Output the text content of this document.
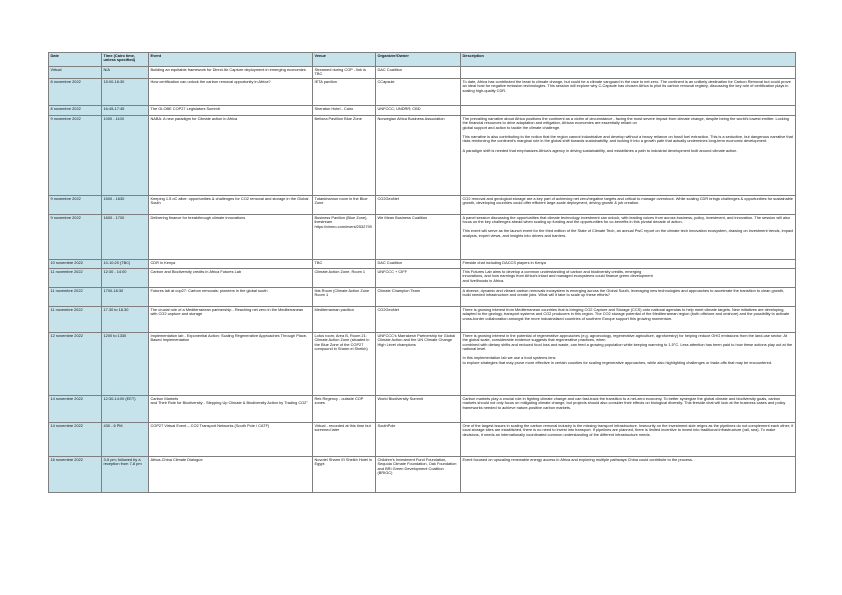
Date	Time (Cairo time, unless specified)	Event	Venue	Organizer/Owner	Description
Virtual	N/A	Building an equitable framework for Direct Air Capture deployment in emerging economies	Streamed during COP - link is TBC	DAC Coalition	
8 novembre 2022	15:00-16:30	How certification can unlock the carbon removal opportunity in Africa?	IETA pavilion	CCapsule	To date, Africa has contributed the least to climate change, but could be a climate vanguard in the race to net zero. The continent is an unlikely destination for Carbon Removal but could prove an ideal host for negative emission technologies. This session will explore why C-Capsule has chosen Africa to pilot its carbon removal registry, discussing the key role of certification plays in scaling high-quality CDR.
8 novembre 2022	16:45-17:45	The GLOBE COP27 Legislators Summit	Sheraton Hotel - Cairo	UNFCCC; UNDRR; CBD	
9 novembre 2022	1000 - 1100	NABA: A new paradigm for Climate action in Africa	Bellona Pavillion Blue Zone	Norwegian Africa Business Association	The prevailing narrative about Africa positions the continent as a victim of circumstance - facing the most severe impact from climate change, despite being the world's lowest emitter. Locking the financial resources to drive adaptation and mitigation, African economies are essentially reliant on
global support and action to tackle the climate challenge.

This narrative is also contributing to the notion that the region cannot industrialize and develop without a heavy reliance on fossil fuel extraction. This is a seductive, but dangerous narrative that risks reinforcing the continent's marginal role in the global shift towards sustainability, and locking it into a growth path that actually undermines long-term economic development.

A paradigm shift is needed that emphasizes Africa's agency in driving sustainability, and establishes a path to industrial development built around climate action.
9 novembre 2022	1500 - 1630	Keeping 1.5 oC alive: opportunities & challenges for CO2 removal and storage in the Global South	Tutankhamun room in the Blue Zone	CO2GeoNet	CO2 removal and geological storage are a key part of achieving net zero/negative targets and critical to manage overshoot. While scaling CDR brings challenges & opportunities for sustainable growth, developing countries could offer efficient large-scale deployment, driving growth & job creation.
9 novembre 2022	1600 - 1700	Delivering finance for breakthrough climate innovations	Business Pavilion (Blue Zone), livestream https://vimeo.com/event/2532799	We Mean Business Coalition	A panel session discussing the opportunities that climate technology investment can unlock, with leading voices from across business, policy, investment, and innovation. The session will also
focus on the key challenges ahead when scaling up funding and the opportunities for co-benefits in this pivotal decade of action.

This event will serve as the launch event for the third edition of the State of Climate Tech, an annual PwC report on the climate tech innovation ecosystem, drawing on investment trends, impact analysis, expert views, and insights into drivers and barriers.
10 novembre 2022	10-10:20 (TBC)	CDR in Kenya	TBC	DAC Coalition	Fireside chat including DACCS players in Kenya
11 novembre 2022	12:30 - 14:00	Carbon and Biodiversity credits in Africa Futures Lab	Climate Action Zone, Room 1	UNFCCC + CIFF	This Futures Lab aims to develop a common understanding of carbon and biodiversity credits, emerging
innovations, and how earnings from Africa's intact and managed ecosystems could finance green development
and livelihoods in Africa.
11 novembre 2022	1700-18:30	Futures lab at cop27: Carbon removals: pioneers in the global south	Ibis Room (Climate Action Zone Room 1	Climate Champion Team	A diverse, dynamic and vibrant carbon removals ecosystem is emerging across the Global South, leveraging new technologies and approaches to accelerate the transition to clean growth, build needed infrastructure and create jobs. What will it take to scale up these efforts?
11 novembre 2022	17.30 to 18.30	The crucial role of a Mediterranean partnership - Reaching net zero in the Mediterranean with CO2 capture and storage	Mediterranean pavilion	CO2GeoNet	There is growing interest from Mediterranean countries that is bringing CO2 Capture and Storage (CCS) onto national agendas to help meet climate targets. New initiatives are developing, adapted to the geology, transport systems and CO2 producers in this region. The CO2 storage potential of the Mediterranean region (both offshore and onshore) and the possibility to activate cross-border collaboration amongst the more industrialised countries of southern Europe support this growing momentum.
12 novembre 2022	1200 to 1330	Implementation lab - Exponential Action: Scaling Regenerative Approaches Through Place-Based Implementation	Lotus room, Area B, Room 21: Climate Action Zone (situated in the Blue Zone of the COP27 compound in Sharm el Sheikh)	UNFCCC's Marrakesh Partnership for Global Climate Action and the UN Climate Change High Level champions	There is growing interest in the potential of regenerative approaches (e.g. agroecology, regenerative agriculture, agroforestry) for helping reduce GHG emissions from the land-use sector. At the global scale, considerable evidence suggests that regenerative practices, when
combined with dietary shifts and reduced food loss and waste, can feed a growing population while keeping warming to 1.5°C. Less attention has been paid to how these actions play out at the national level.

In this implementation lab we use a food systems lens
to explore strategies that may prove more effective in certain counties for scaling regenerative approaches, while also highlighting challenges or trade-offs that may be encountered.
14 novembre 2022	12:30-14:00 (EET)	Carbon Markets
and Their Role for Biodiversity - Stepping Up Climate & Biodiversity Action by Trading CO2"	Rek Regency - outside COP zones	World Biodiversity Summit	Carbon markets play a crucial role in fighting climate change and can fast-track the transition to a net-zero economy. To better synergize the global climate and biodiversity goals, carbon markets should not only focus on mitigating climate change, but projects should also consider their effects on biological diversity. This fireside chat will look at the business cases and policy frameworks needed to achieve nature-positive carbon markets.
14 novembre 2022	430 - 6 PM	COP27 Virtual Event – CO2 Transport Networks (South Pole / CATF)	Virtual - recorded at this time but screened later	SouthPole	One of the largest issues in scaling the carbon removal industry is the missing transport infrastructure. Insecurity on the investment side reigns as the pipelines do not complement each other; if local storage sites are established, there is no need to invest into transport. If pipelines are planned, there is limited incentive to invest into traditional infrastructure (rail, sea). To make decisions, it needs an internationally coordinated common understanding of the different infrastructure needs.
16 novembre 2022	3-5 pm; followed by a reception from 7-8 pm	Africa-China Climate Dialogue	Novotel Sharm El Sheikh Hotel in Egypt	Children's Investment Fund Foundation, Sequoia Climate Foundation, Oak Foundation and BRI Green Development Coalition (BRIGC)	Event focused on upscaling renewable energy access in Africa and exploring multiple pathways China could contribute to the process.
